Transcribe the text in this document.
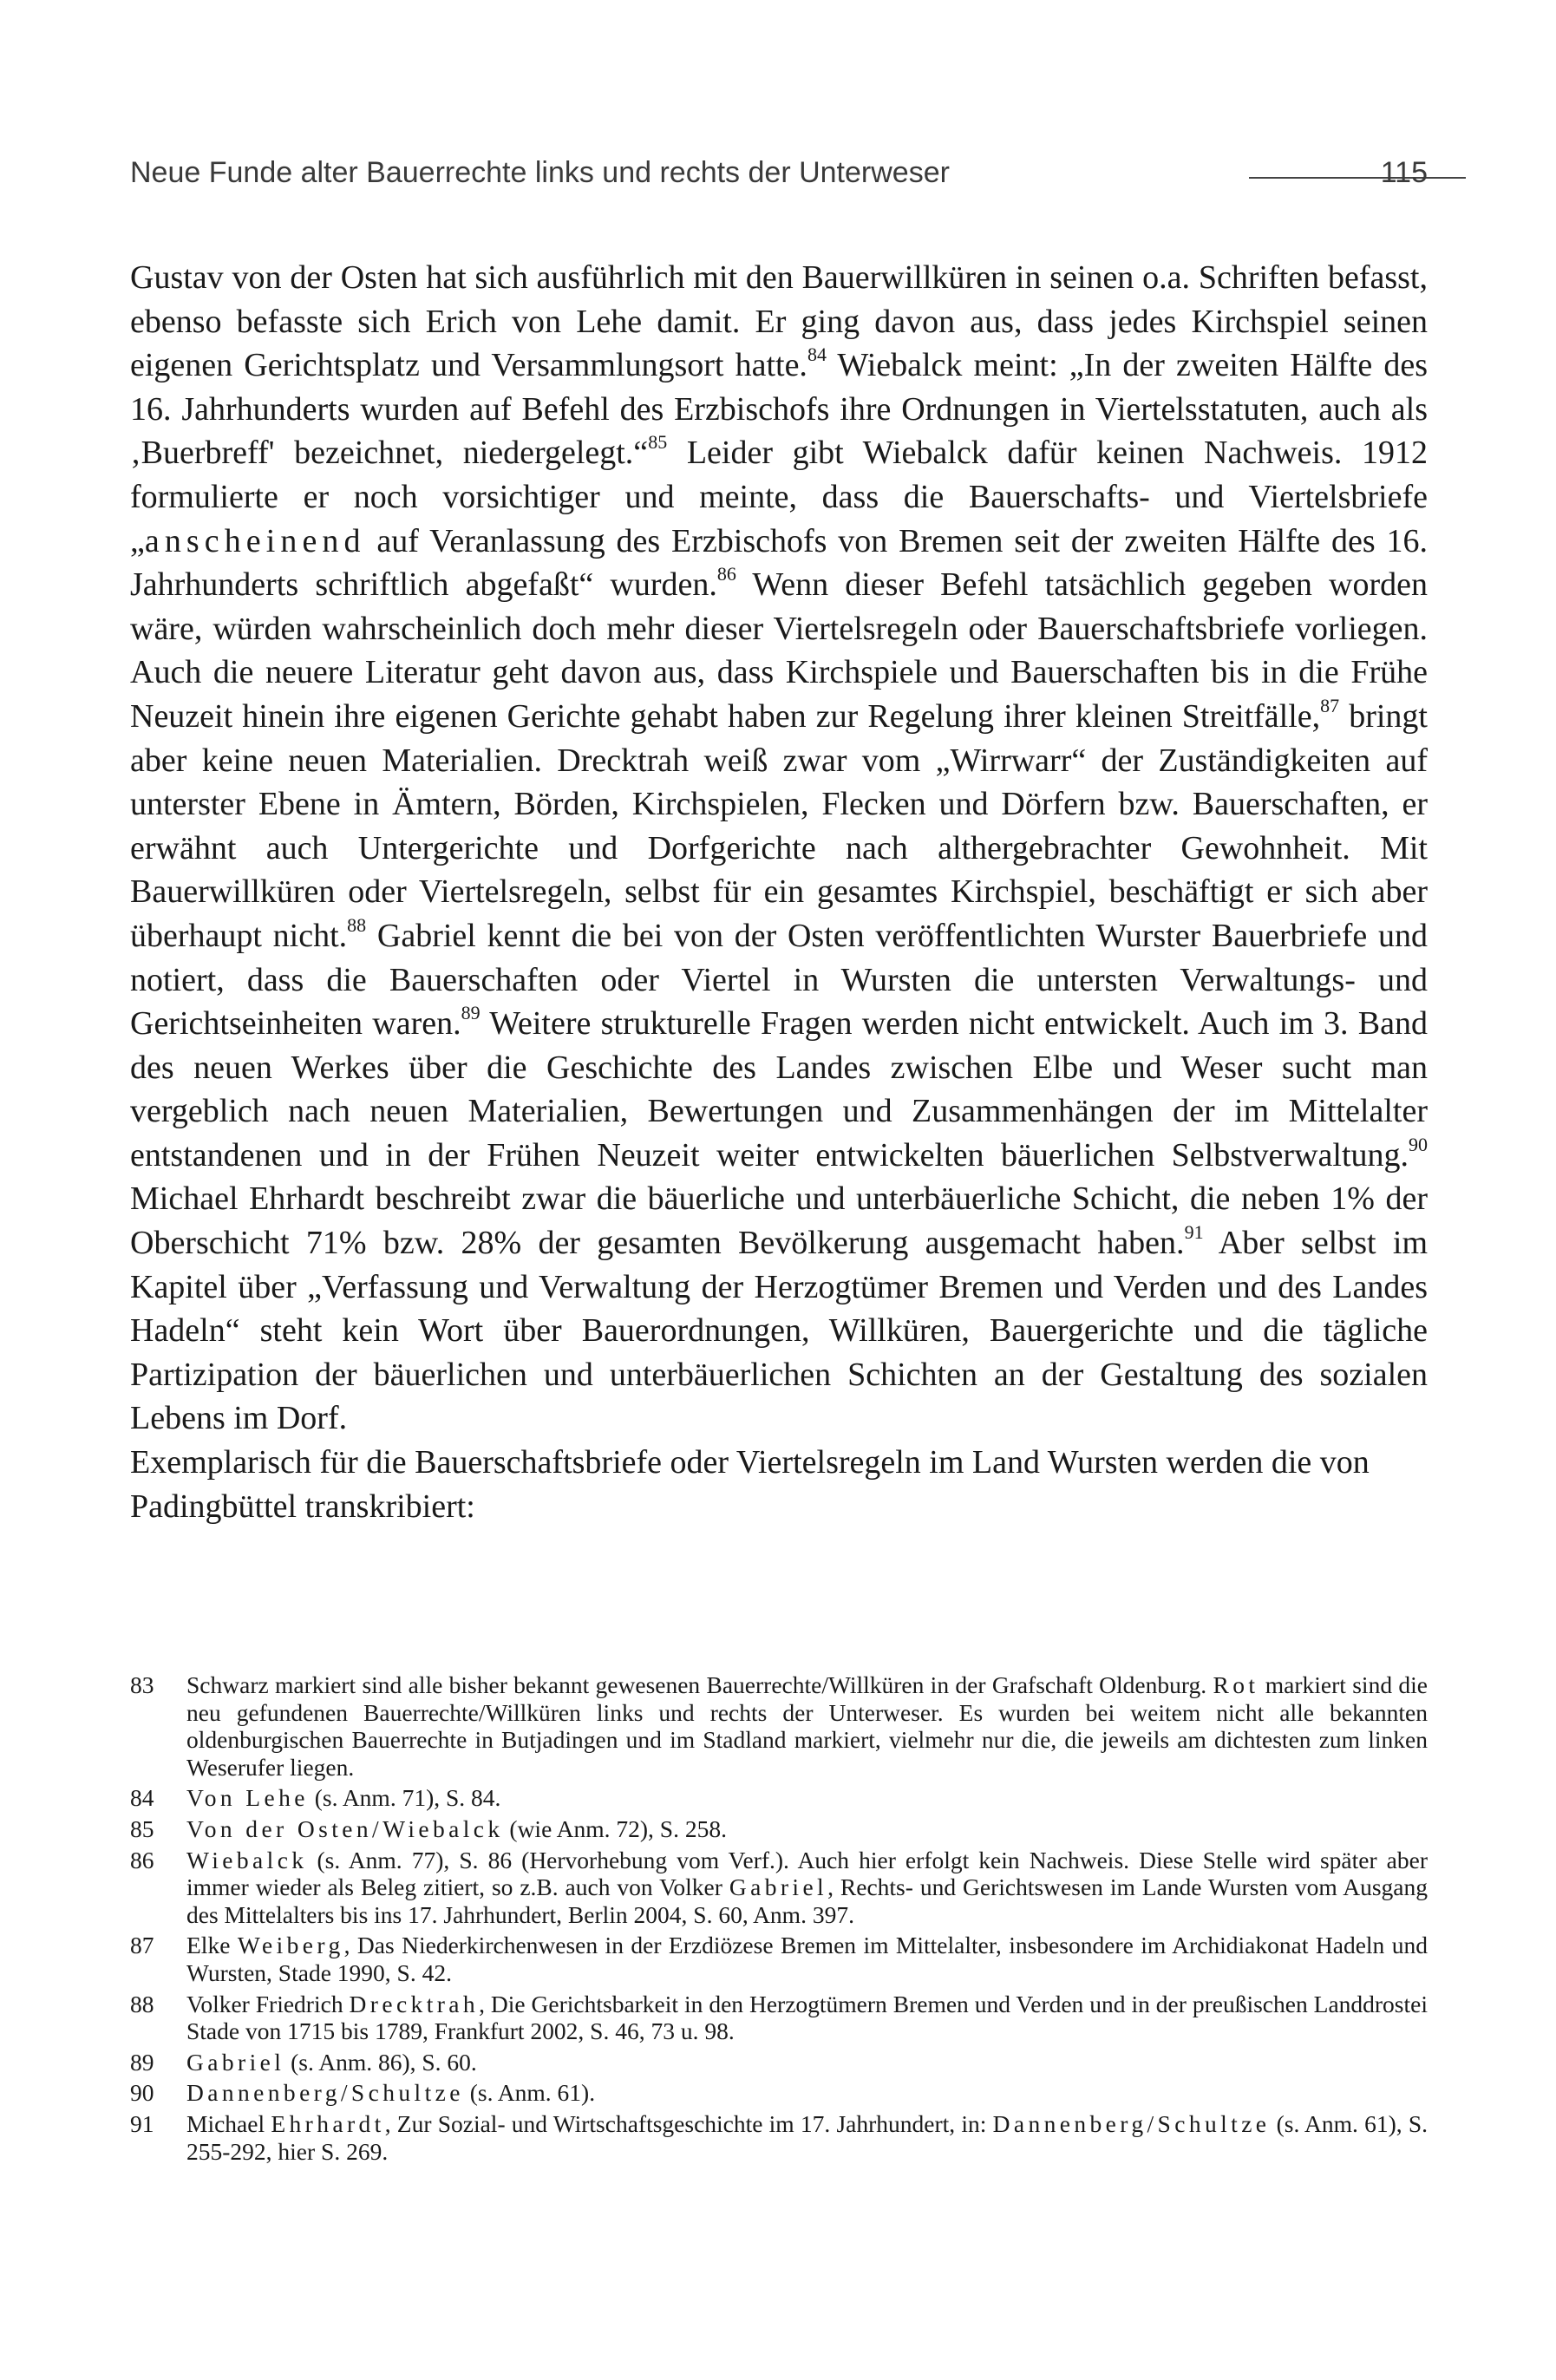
Neue Funde alter Bauerrechte links und rechts der Unterweser	115

Gustav von der Osten hat sich ausführlich mit den Bauerwillküren in seinen o.a. Schriften befasst, ebenso befasste sich Erich von Lehe damit. Er ging davon aus, dass jedes Kirchspiel seinen eigenen Gerichtsplatz und Versammlungsort hatte.$^{84}$ Wiebalck meint: „In der zweiten Hälfte des 16. Jahrhunderts wurden auf Befehl des Erzbischofs ihre Ordnungen in Viertelsstatuten, auch als ‚Buerbreff' bezeichnet, niedergelegt.“$^{85}$ Leider gibt Wiebalck dafür keinen Nachweis. 1912 formulierte er noch vorsichtiger und meinte, dass die Bauerschafts- und Viertelsbriefe „anscheinend auf Veranlassung des Erzbischofs von Bremen seit der zweiten Hälfte des 16. Jahrhunderts schriftlich abgefaßt“ wurden.$^{86}$ Wenn dieser Befehl tatsächlich gegeben worden wäre, würden wahrscheinlich doch mehr dieser Viertelsregeln oder Bauerschaftsbriefe vorliegen. Auch die neuere Literatur geht davon aus, dass Kirchspiele und Bauerschaften bis in die Frühe Neuzeit hinein ihre eigenen Gerichte gehabt haben zur Regelung ihrer kleinen Streitfälle,$^{87}$ bringt aber keine neuen Materialien. Drecktrah weiß zwar vom „Wirrwarr“ der Zuständigkeiten auf unterster Ebene in Ämtern, Börden, Kirchspielen, Flecken und Dörfern bzw. Bauerschaften, er erwähnt auch Untergerichte und Dorfgerichte nach althergebrachter Gewohnheit. Mit Bauerwillküren oder Viertelsregeln, selbst für ein gesamtes Kirchspiel, beschäftigt er sich aber überhaupt nicht.$^{88}$ Gabriel kennt die bei von der Osten veröffentlichten Wurster Bauerbriefe und notiert, dass die Bauerschaften oder Viertel in Wursten die untersten Verwaltungs- und Gerichtseinheiten waren.$^{89}$ Weitere strukturelle Fragen werden nicht entwickelt. Auch im 3. Band des neuen Werkes über die Geschichte des Landes zwischen Elbe und Weser sucht man vergeblich nach neuen Materialien, Bewertungen und Zusammenhängen der im Mittelalter entstandenen und in der Frühen Neuzeit weiter entwickelten bäuerlichen Selbstverwaltung.$^{90}$ Michael Ehrhardt beschreibt zwar die bäuerliche und unterbäuerliche Schicht, die neben 1% der Oberschicht 71% bzw. 28% der gesamten Bevölkerung ausgemacht haben.$^{91}$ Aber selbst im Kapitel über „Verfassung und Verwaltung der Herzogtümer Bremen und Verden und des Landes Hadeln“ steht kein Wort über Bauerordnungen, Willküren, Bauergerichte und die tägliche Partizipation der bäuerlichen und unterbäuerlichen Schichten an der Gestaltung des sozialen Lebens im Dorf.

Exemplarisch für die Bauerschaftsbriefe oder Viertelsregeln im Land Wursten werden die von Padingbüttel transkribiert:

83 Schwarz markiert sind alle bisher bekannt gewesenen Bauerrechte/Willküren in der Grafschaft Oldenburg. Rot markiert sind die neu gefundenen Bauerrechte/Willküren links und rechts der Unterweser. Es wurden bei weitem nicht alle bekannten oldenburgischen Bauerrechte in Butjadingen und im Stadland markiert, vielmehr nur die, die jeweils am dichtesten zum linken Weserufer liegen.
84 Von Lehe (s. Anm. 71), S. 84.
85 Von der Osten/Wiebalck (wie Anm. 72), S. 258.
86 Wiebalck (s. Anm. 77), S. 86 (Hervorhebung vom Verf.). Auch hier erfolgt kein Nachweis. Diese Stelle wird später aber immer wieder als Beleg zitiert, so z.B. auch von Volker Gabriel, Rechts- und Gerichtswesen im Lande Wursten vom Ausgang des Mittelalters bis ins 17. Jahrhundert, Berlin 2004, S. 60, Anm. 397.
87 Elke Weiberg, Das Niederkirchenwesen in der Erzdiözese Bremen im Mittelalter, insbesondere im Archidiakonat Hadeln und Wursten, Stade 1990, S. 42.
88 Volker Friedrich Drecktrah, Die Gerichtsbarkeit in den Herzogtümern Bremen und Verden und in der preußischen Landdrostei Stade von 1715 bis 1789, Frankfurt 2002, S. 46, 73 u. 98.
89 Gabriel (s. Anm. 86), S. 60.
90 Dannenberg/Schultze (s. Anm. 61).
91 Michael Ehrhardt, Zur Sozial- und Wirtschaftsgeschichte im 17. Jahrhundert, in: Dannenberg/Schultze (s. Anm. 61), S. 255-292, hier S. 269.
